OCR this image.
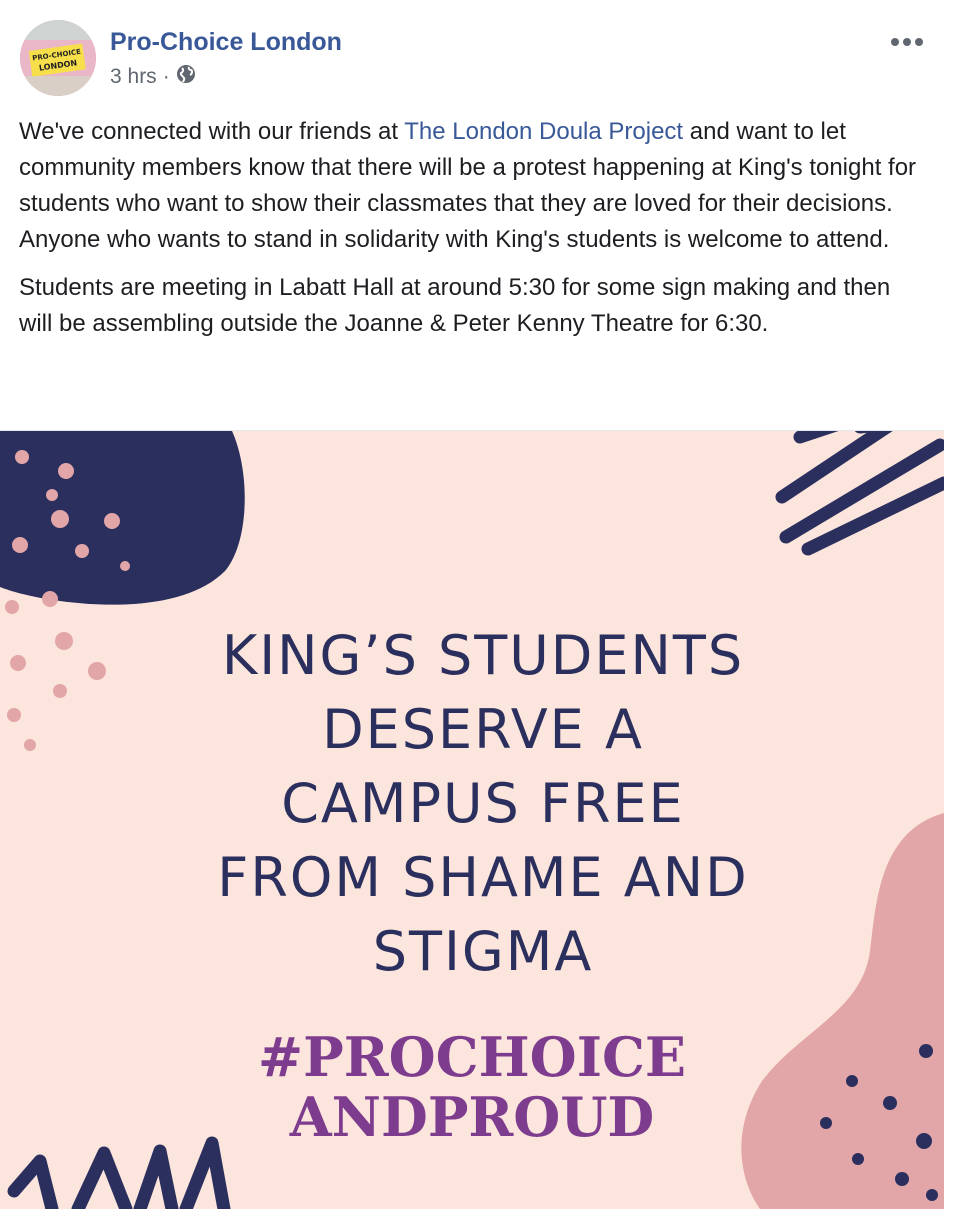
PRO-CHOICE
LONDON
Pro-Choice London
3 hrs ·

We've connected with our friends at The London Doula Project and want to let community members know that there will be a protest happening at King's tonight for students who want to show their classmates that they are loved for their decisions. Anyone who wants to stand in solidarity with King's students is welcome to attend.

Students are meeting in Labatt Hall at around 5:30 for some sign making and then will be assembling outside the Joanne & Peter Kenny Theatre for 6:30.

KING’S STUDENTS
DESERVE A
CAMPUS FREE
FROM SHAME AND
STIGMA
#PROCHOICE
ANDPROUD
